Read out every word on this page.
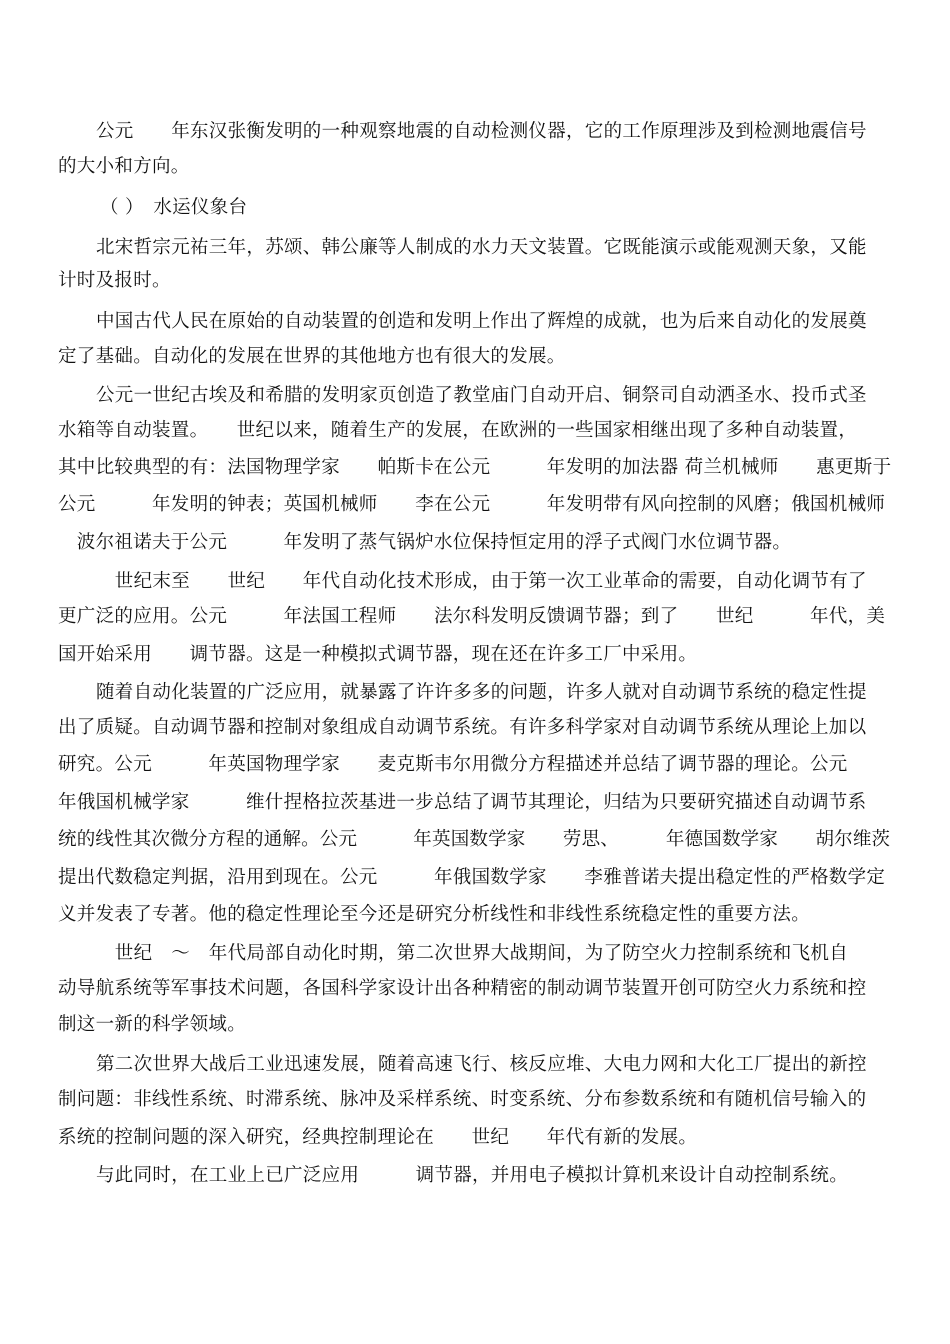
公元　　年东汉张衡发明的一种观察地震的自动检测仪器，它的工作原理涉及到检测地震信号
的大小和方向。
（ ）　水运仪象台
北宋哲宗元祐三年，苏颂、韩公廉等人制成的水力天文装置。它既能演示或能观测天象，又能
计时及报时。
中国古代人民在原始的自动装置的创造和发明上作出了辉煌的成就，也为后来自动化的发展奠
定了基础。自动化的发展在世界的其他地方也有很大的发展。
公元一世纪古埃及和希腊的发明家页创造了教堂庙门自动开启、铜祭司自动洒圣水、投币式圣
水箱等自动装置。　　世纪以来，随着生产的发展，在欧洲的一些国家相继出现了多种自动装置，
其中比较典型的有：法国物理学家　　帕斯卡在公元　　　年发明的加法器 荷兰机械师　　惠更斯于
公元　　　年发明的钟表；英国机械师　　李在公元　　　年发明带有风向控制的风磨；俄国机械师
　波尔祖诺夫于公元　　　年发明了蒸气锅炉水位保持恒定用的浮子式阀门水位调节器。
　世纪末至　　世纪　　年代自动化技术形成，由于第一次工业革命的需要，自动化调节有了
更广泛的应用。公元　　　年法国工程师　　法尔科发明反馈调节器；到了　　世纪　　　年代，美
国开始采用　　调节器。这是一种模拟式调节器，现在还在许多工厂中采用。
随着自动化装置的广泛应用，就暴露了许许多多的问题，许多人就对自动调节系统的稳定性提
出了质疑。自动调节器和控制对象组成自动调节系统。有许多科学家对自动调节系统从理论上加以
研究。公元　　　年英国物理学家　　麦克斯韦尔用微分方程描述并总结了调节器的理论。公元
年俄国机械学家　　　维什捏格拉茨基进一步总结了调节其理论，归结为只要研究描述自动调节系
统的线性其次微分方程的通解。公元　　　年英国数学家　　劳思、　　　年德国数学家　　胡尔维茨
提出代数稳定判据，沿用到现在。公元　　　年俄国数学家　　李雅普诺夫提出稳定性的严格数学定
义并发表了专著。他的稳定性理论至今还是研究分析线性和非线性系统稳定性的重要方法。
　世纪　～　年代局部自动化时期，第二次世界大战期间，为了防空火力控制系统和飞机自
动导航系统等军事技术问题，各国科学家设计出各种精密的制动调节装置开创可防空火力系统和控
制这一新的科学领域。
第二次世界大战后工业迅速发展，随着高速飞行、核反应堆、大电力网和大化工厂提出的新控
制问题：非线性系统、时滞系统、脉冲及采样系统、时变系统、分布参数系统和有随机信号输入的
系统的控制问题的深入研究，经典控制理论在　　世纪　　年代有新的发展。
与此同时，在工业上已广泛应用　　　调节器，并用电子模拟计算机来设计自动控制系统。
